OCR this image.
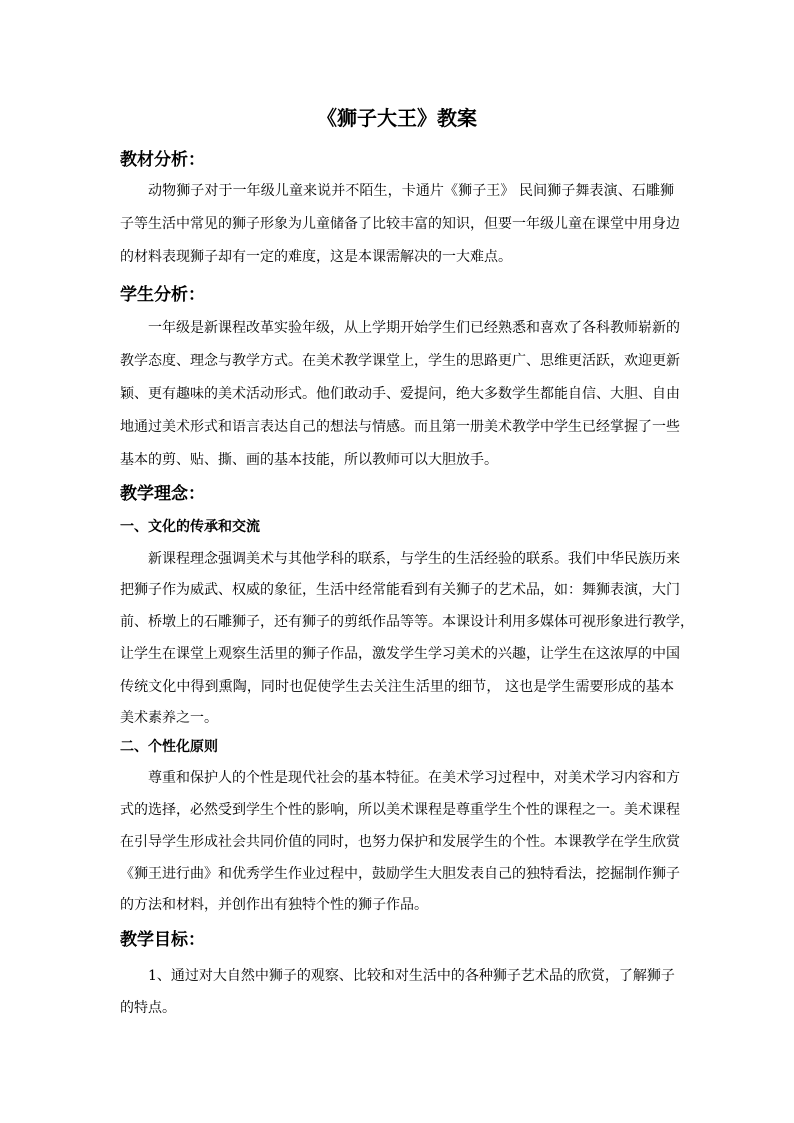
《狮子大王》教案
教材分析：

动物狮子对于一年级儿童来说并不陌生，卡通片《狮子王》 民间狮子舞表演、石雕狮

子等生活中常见的狮子形象为儿童储备了比较丰富的知识，但要一年级儿童在课堂中用身边

的材料表现狮子却有一定的难度，这是本课需解决的一大难点。

学生分析：

一年级是新课程改革实验年级，从上学期开始学生们已经熟悉和喜欢了各科教师崭新的

教学态度、理念与教学方式。在美术教学课堂上，学生的思路更广、思维更活跃，欢迎更新

颖、更有趣味的美术活动形式。他们敢动手、爱提问，绝大多数学生都能自信、大胆、自由

地通过美术形式和语言表达自己的想法与情感。而且第一册美术教学中学生已经掌握了一些

基本的剪、贴、撕、画的基本技能，所以教师可以大胆放手。

教学理念：
一、文化的传承和交流

新课程理念强调美术与其他学科的联系，与学生的生活经验的联系。我们中华民族历来

把狮子作为威武、权威的象征，生活中经常能看到有关狮子的艺术品，如：舞狮表演，大门

前、桥墩上的石雕狮子，还有狮子的剪纸作品等等。本课设计利用多媒体可视形象进行教学，

让学生在课堂上观察生活里的狮子作品，激发学生学习美术的兴趣，让学生在这浓厚的中国

传统文化中得到熏陶，同时也促使学生去关注生活里的细节， 这也是学生需要形成的基本

美术素养之一。

二、个性化原则

尊重和保护人的个性是现代社会的基本特征。在美术学习过程中，对美术学习内容和方

式的选择，必然受到学生个性的影响，所以美术课程是尊重学生个性的课程之一。美术课程

在引导学生形成社会共同价值的同时，也努力保护和发展学生的个性。本课教学在学生欣赏

《狮王进行曲》和优秀学生作业过程中，鼓励学生大胆发表自己的独特看法，挖掘制作狮子

的方法和材料，并创作出有独特个性的狮子作品。

教学目标：

1、通过对大自然中狮子的观察、比较和对生活中的各种狮子艺术品的欣赏，了解狮子

的特点。
